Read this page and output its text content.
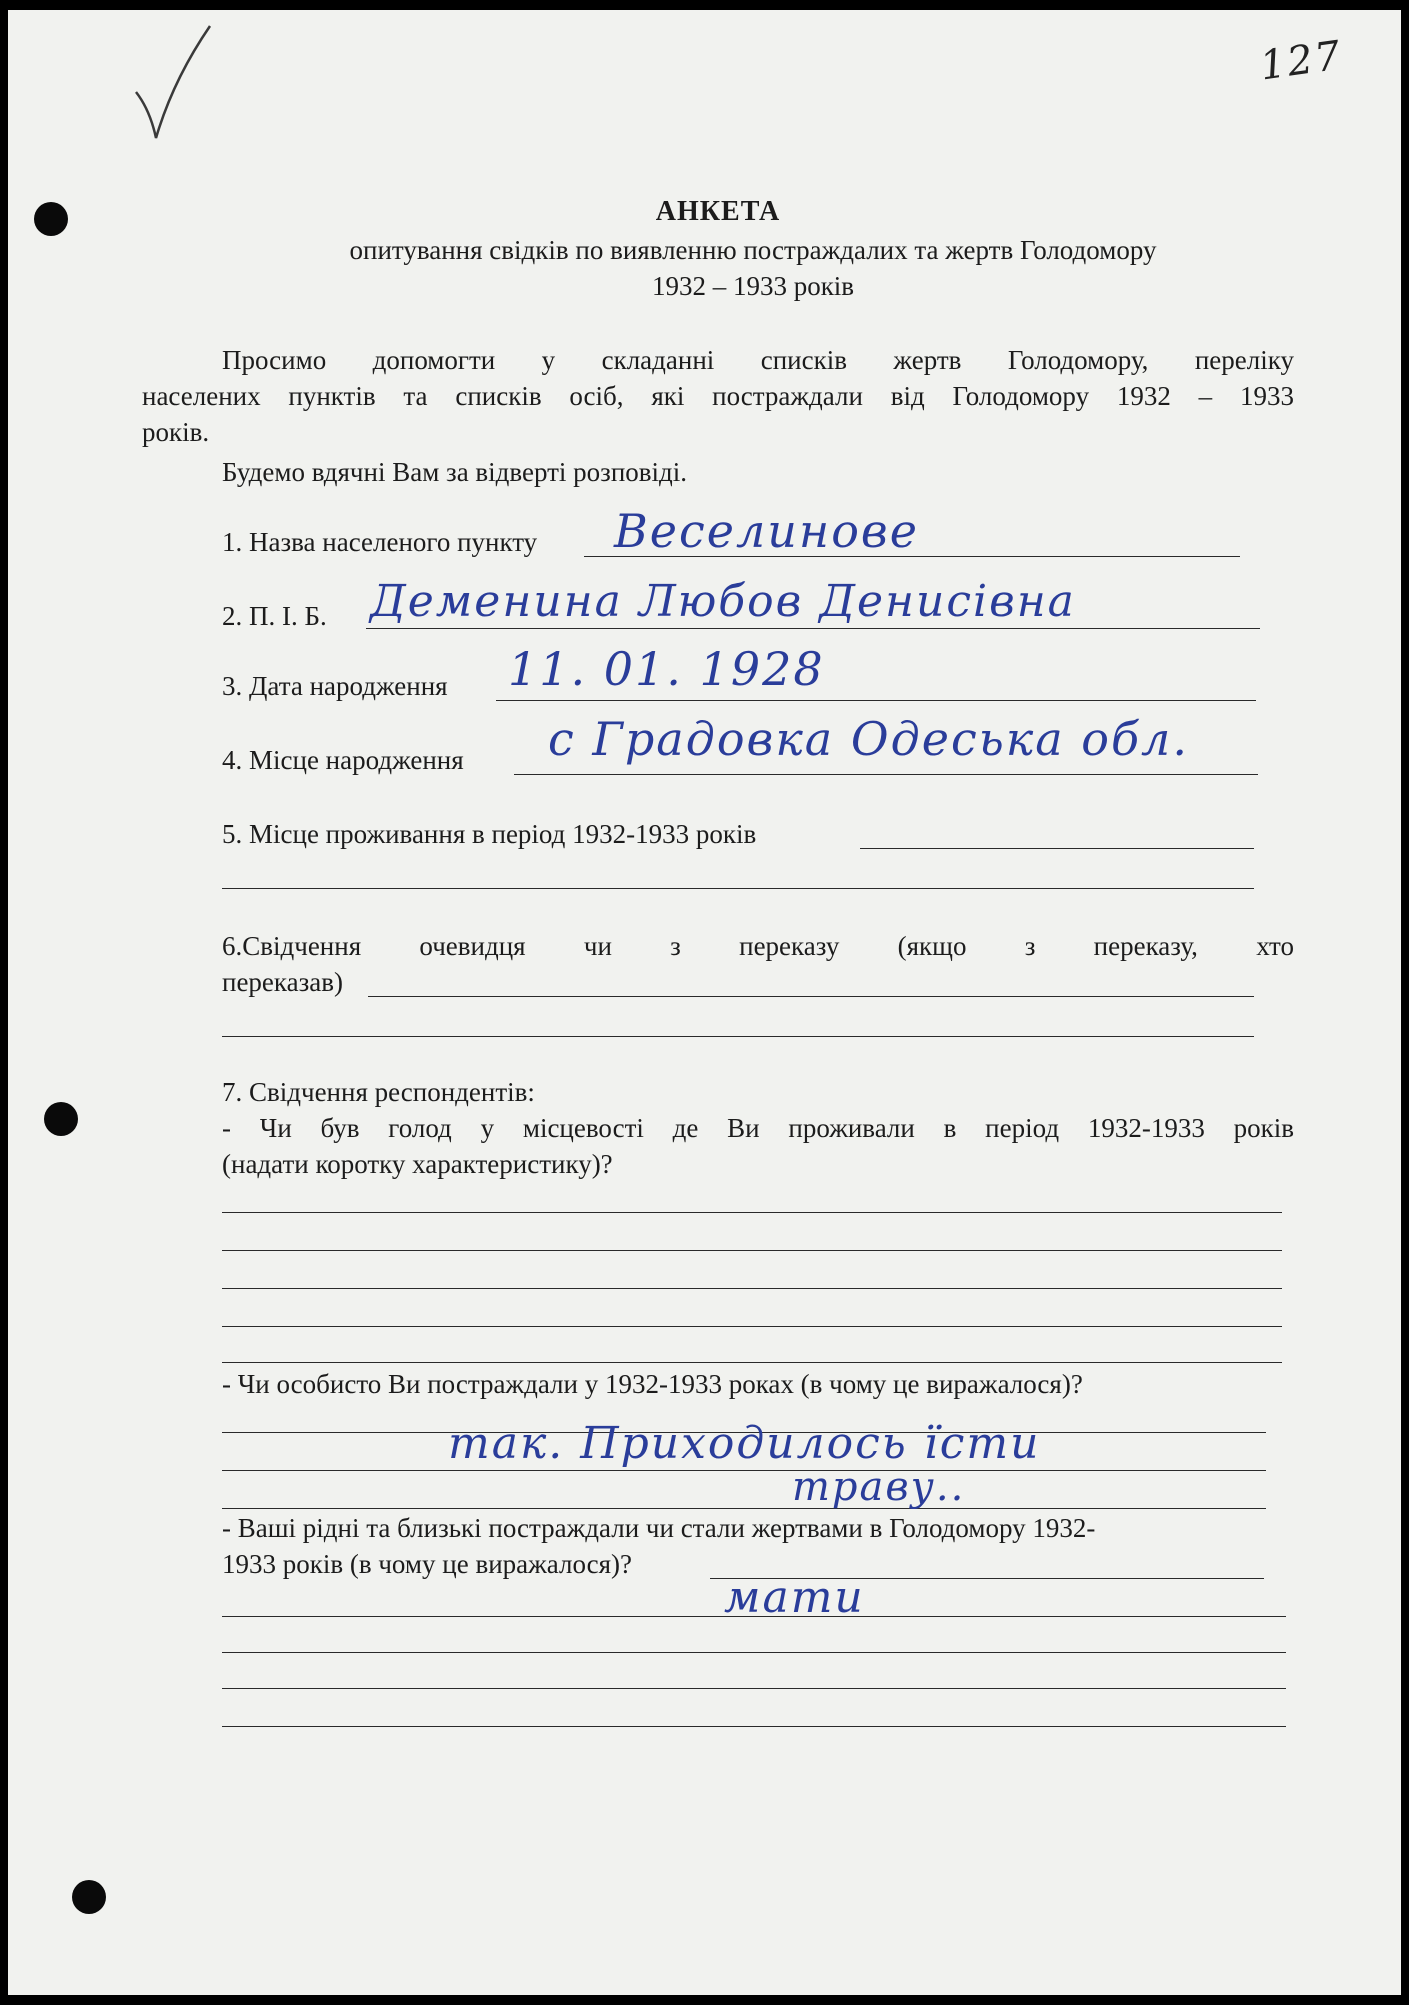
127
АНКЕТА
опитування свідків по виявленню постраждалих та жертв Голодомору
1932 – 1933 років
Просимо допомогти у складанні списків жертв Голодомору, переліку
населених пунктів та списків осіб, які постраждали від Голодомору 1932 – 1933
років.
Будемо вдячні Вам за відверті розповіді.
1. Назва населеного пункту Веселинове
2. П. І. Б. Деменина Любов Денисівна
3. Дата народження 11. 01. 1928
4. Місце народження с Градовка Одеська обл.
5. Місце проживання в період 1932-1933 років
6.Свідчення очевидця чи з переказу (якщо з переказу, хто
переказав)
7. Свідчення респондентів:
- Чи був голод у місцевості де Ви проживали в період 1932-1933 років
(надати коротку характеристику)?
- Чи особисто Ви постраждали у 1932-1933 роках (в чому це виражалося)?
так. Приходилось їсти
траву..
- Ваші рідні та близькі постраждали чи стали жертвами в Голодомору 1932-
1933 років (в чому це виражалося)?
мати
